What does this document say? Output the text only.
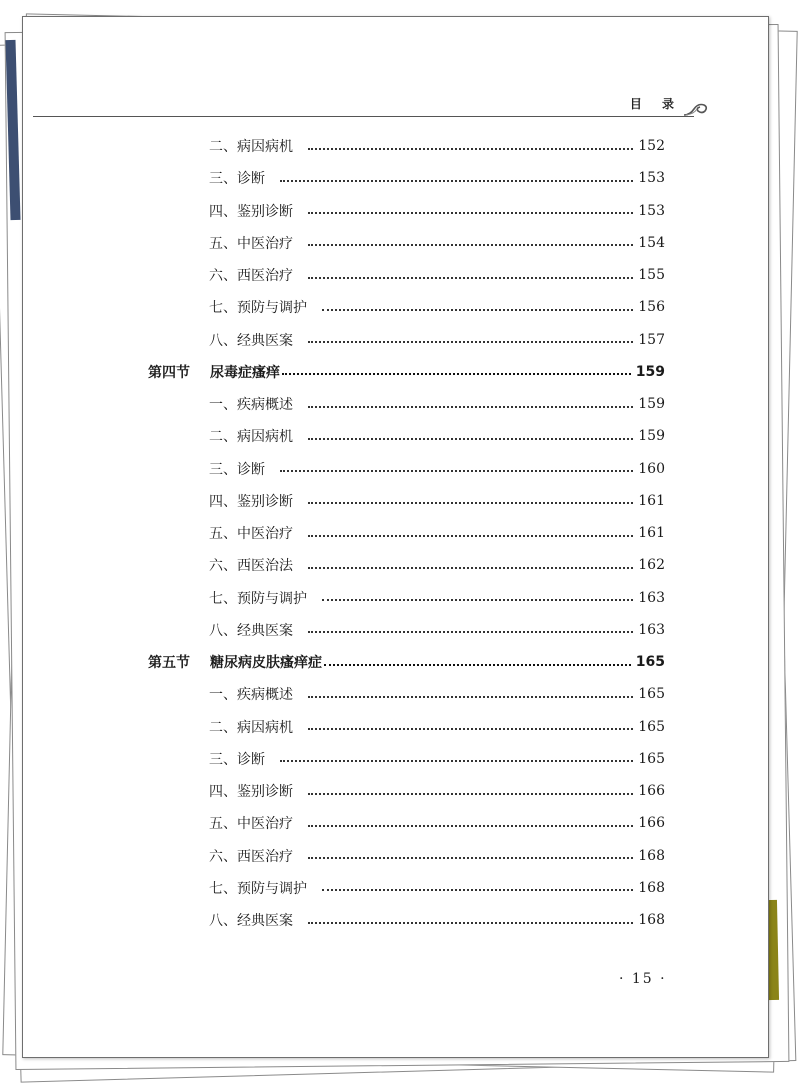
目 录
二、病因病机	152
三、诊断	153
四、鉴别诊断	153
五、中医治疗	154
六、西医治疗	155
七、预防与调护	156
八、经典医案	157
第四节	尿毒症瘙痒	159
一、疾病概述	159
二、病因病机	159
三、诊断	160
四、鉴别诊断	161
五、中医治疗	161
六、西医治法	162
七、预防与调护	163
八、经典医案	163
第五节	糖尿病皮肤瘙痒症	165
一、疾病概述	165
二、病因病机	165
三、诊断	165
四、鉴别诊断	166
五、中医治疗	166
六、西医治疗	168
七、预防与调护	168
八、经典医案	168
· 15 ·
